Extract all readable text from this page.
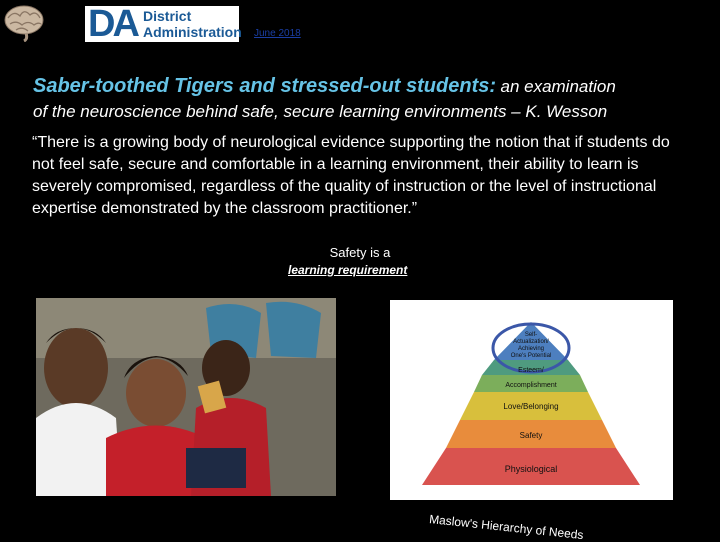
DA District
Administration June 2018
Saber-toothed Tigers and stressed-out students: an examination
of the neuroscience behind safe, secure learning environments – K. Wesson
“There is a growing body of neurological evidence supporting the notion that if students do not feel safe, secure and comfortable in a learning environment, their ability to learn is severely compromised, regardless of the quality of instruction or the level of instructional expertise demonstrated by the classroom practitioner.”
Safety is a
learning requirement
Self-
Actualization/
Achieving
One's Potential
Esteem/
Accomplishment
Love/Belonging
Safety
Physiological
Maslow's Hierarchy of Needs
